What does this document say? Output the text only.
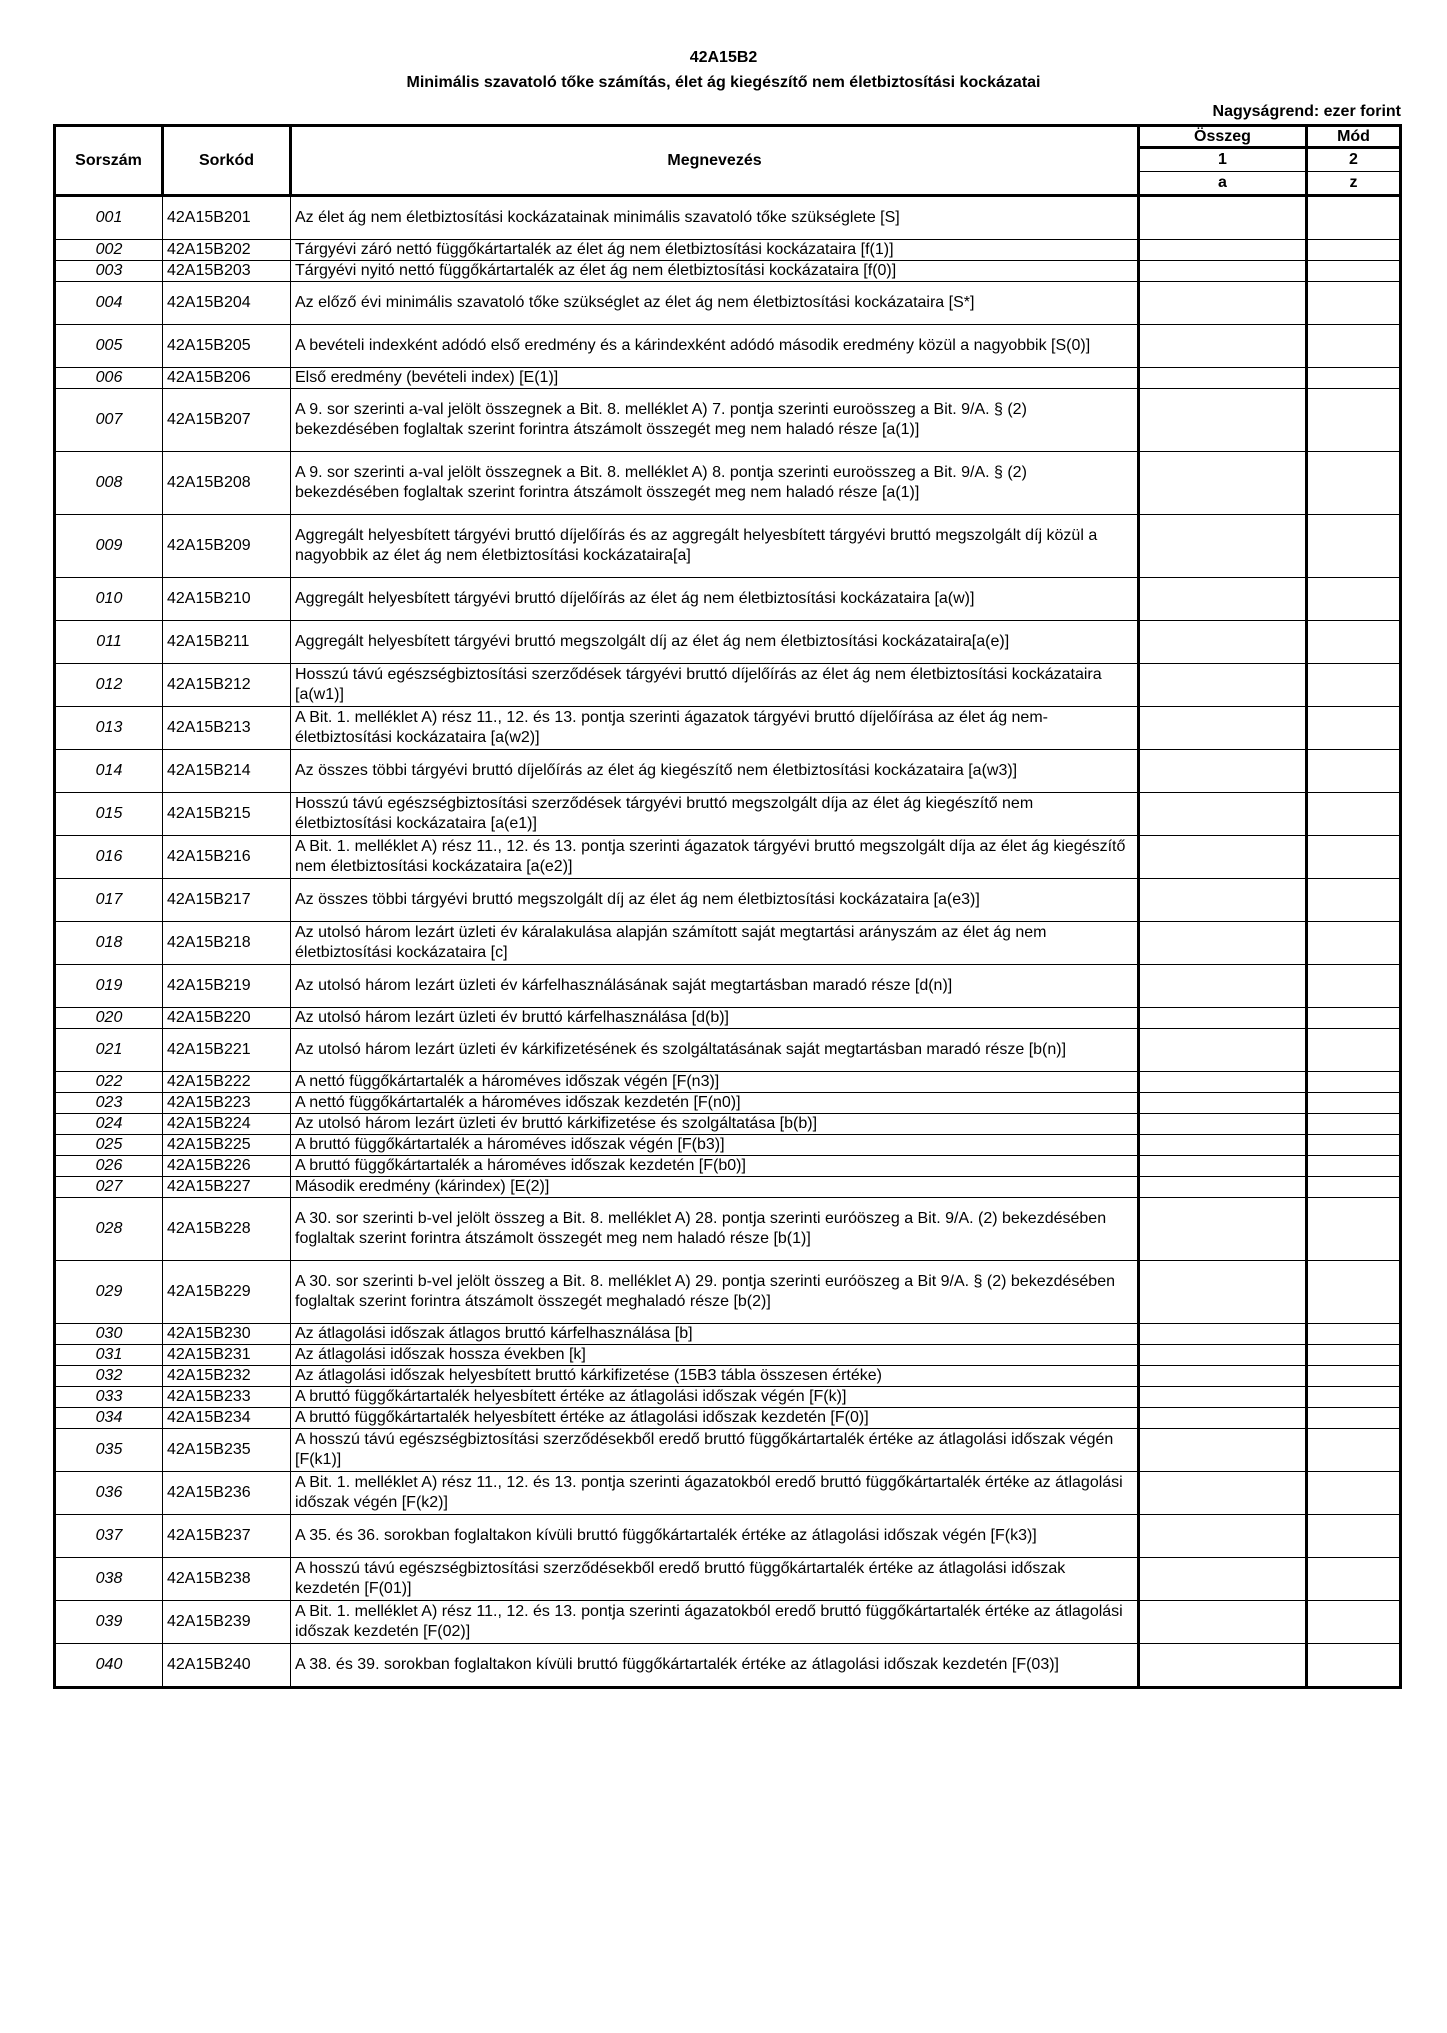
42A15B2
Minimális szavatoló tőke számítás, élet ág kiegészítő nem életbiztosítási kockázatai
Nagyságrend: ezer forint
Sorszám	Sorkód	Megnevezés	Összeg	Mód
			1	2
			a	z
001	42A15B201	Az élet ág nem életbiztosítási kockázatainak minimális szavatoló tőke szükséglete [S]		
002	42A15B202	Tárgyévi záró nettó függőkártartalék az élet ág nem életbiztosítási kockázataira [f(1)]		
003	42A15B203	Tárgyévi nyitó nettó függőkártartalék az élet ág nem életbiztosítási kockázataira [f(0)]		
004	42A15B204	Az előző évi minimális szavatoló tőke szükséglet az élet ág nem életbiztosítási kockázataira [S*]		
005	42A15B205	A bevételi indexként adódó első eredmény és a kárindexként adódó második eredmény közül a nagyobbik [S(0)]		
006	42A15B206	Első eredmény (bevételi index) [E(1)]		
007	42A15B207	A 9. sor szerinti a-val jelölt összegnek a Bit. 8. melléklet A) 7. pontja szerinti euroösszeg a Bit. 9/A. § (2) bekezdésében foglaltak szerint forintra átszámolt összegét meg nem haladó része [a(1)]		
008	42A15B208	A 9. sor szerinti a-val jelölt összegnek a Bit. 8. melléklet A) 8. pontja szerinti euroösszeg a Bit. 9/A. § (2) bekezdésében foglaltak szerint forintra átszámolt összegét meg nem haladó része [a(1)]		
009	42A15B209	Aggregált helyesbített tárgyévi bruttó díjelőírás és az aggregált helyesbített tárgyévi bruttó megszolgált díj közül a nagyobbik az élet ág nem életbiztosítási kockázataira[a]		
010	42A15B210	Aggregált helyesbített tárgyévi bruttó díjelőírás az élet ág nem életbiztosítási kockázataira [a(w)]		
011	42A15B211	Aggregált helyesbített tárgyévi bruttó megszolgált díj az élet ág nem életbiztosítási kockázataira[a(e)]		
012	42A15B212	Hosszú távú egészségbiztosítási szerződések tárgyévi bruttó díjelőírás az élet ág nem életbiztosítási kockázataira [a(w1)]		
013	42A15B213	A Bit. 1. melléklet A) rész 11., 12. és 13. pontja szerinti ágazatok tárgyévi bruttó díjelőírása az élet ág nem-életbiztosítási kockázataira [a(w2)]		
014	42A15B214	Az összes többi tárgyévi bruttó díjelőírás az élet ág kiegészítő nem életbiztosítási kockázataira [a(w3)]		
015	42A15B215	Hosszú távú egészségbiztosítási szerződések tárgyévi bruttó megszolgált díja az élet ág kiegészítő nem életbiztosítási kockázataira [a(e1)]		
016	42A15B216	A Bit. 1. melléklet A) rész 11., 12. és 13. pontja szerinti ágazatok tárgyévi bruttó megszolgált díja az élet ág kiegészítő nem életbiztosítási kockázataira [a(e2)]		
017	42A15B217	Az összes többi tárgyévi bruttó megszolgált díj az élet ág nem életbiztosítási kockázataira [a(e3)]		
018	42A15B218	Az utolsó három lezárt üzleti év káralakulása alapján számított saját megtartási arányszám az élet ág nem életbiztosítási kockázataira [c]		
019	42A15B219	Az utolsó három lezárt üzleti év kárfelhasználásának saját megtartásban maradó része [d(n)]		
020	42A15B220	Az utolsó három lezárt üzleti év bruttó kárfelhasználása [d(b)]		
021	42A15B221	Az utolsó három lezárt üzleti év kárkifizetésének és szolgáltatásának saját megtartásban maradó része [b(n)]		
022	42A15B222	A nettó függőkártartalék a hároméves időszak végén [F(n3)]		
023	42A15B223	A nettó függőkártartalék a hároméves időszak kezdetén [F(n0)]		
024	42A15B224	Az utolsó három lezárt üzleti év bruttó kárkifizetése és szolgáltatása [b(b)]		
025	42A15B225	A bruttó függőkártartalék a hároméves időszak végén [F(b3)]		
026	42A15B226	A bruttó függőkártartalék a hároméves időszak kezdetén [F(b0)]		
027	42A15B227	Második eredmény (kárindex) [E(2)]		
028	42A15B228	A 30. sor szerinti b-vel jelölt összeg a Bit. 8. melléklet A) 28. pontja szerinti euróöszeg a Bit. 9/A. (2) bekezdésében foglaltak szerint forintra átszámolt összegét meg nem haladó része [b(1)]		
029	42A15B229	A 30. sor szerinti b-vel jelölt összeg a Bit. 8. melléklet A) 29. pontja szerinti euróöszeg a Bit 9/A. § (2) bekezdésében foglaltak szerint forintra átszámolt összegét meghaladó része [b(2)]		
030	42A15B230	Az átlagolási időszak átlagos bruttó kárfelhasználása [b]		
031	42A15B231	Az átlagolási időszak hossza években [k]		
032	42A15B232	Az átlagolási időszak helyesbített bruttó kárkifizetése (15B3 tábla összesen értéke)		
033	42A15B233	A bruttó függőkártartalék helyesbített értéke az átlagolási időszak végén [F(k)]		
034	42A15B234	A bruttó függőkártartalék helyesbített értéke az átlagolási időszak kezdetén [F(0)]		
035	42A15B235	A hosszú távú egészségbiztosítási szerződésekből eredő bruttó függőkártartalék értéke az átlagolási időszak végén [F(k1)]		
036	42A15B236	A Bit. 1. melléklet A) rész 11., 12. és 13. pontja szerinti ágazatokból eredő bruttó függőkártartalék értéke az átlagolási időszak végén [F(k2)]		
037	42A15B237	A 35. és 36. sorokban foglaltakon kívüli bruttó függőkártartalék értéke az átlagolási időszak végén [F(k3)]		
038	42A15B238	A hosszú távú egészségbiztosítási szerződésekből eredő bruttó függőkártartalék értéke az átlagolási időszak kezdetén [F(01)]		
039	42A15B239	A Bit. 1. melléklet A) rész 11., 12. és 13. pontja szerinti ágazatokból eredő bruttó függőkártartalék értéke az átlagolási időszak kezdetén [F(02)]		
040	42A15B240	A 38. és 39. sorokban foglaltakon kívüli bruttó függőkártartalék értéke az átlagolási időszak kezdetén [F(03)]		
